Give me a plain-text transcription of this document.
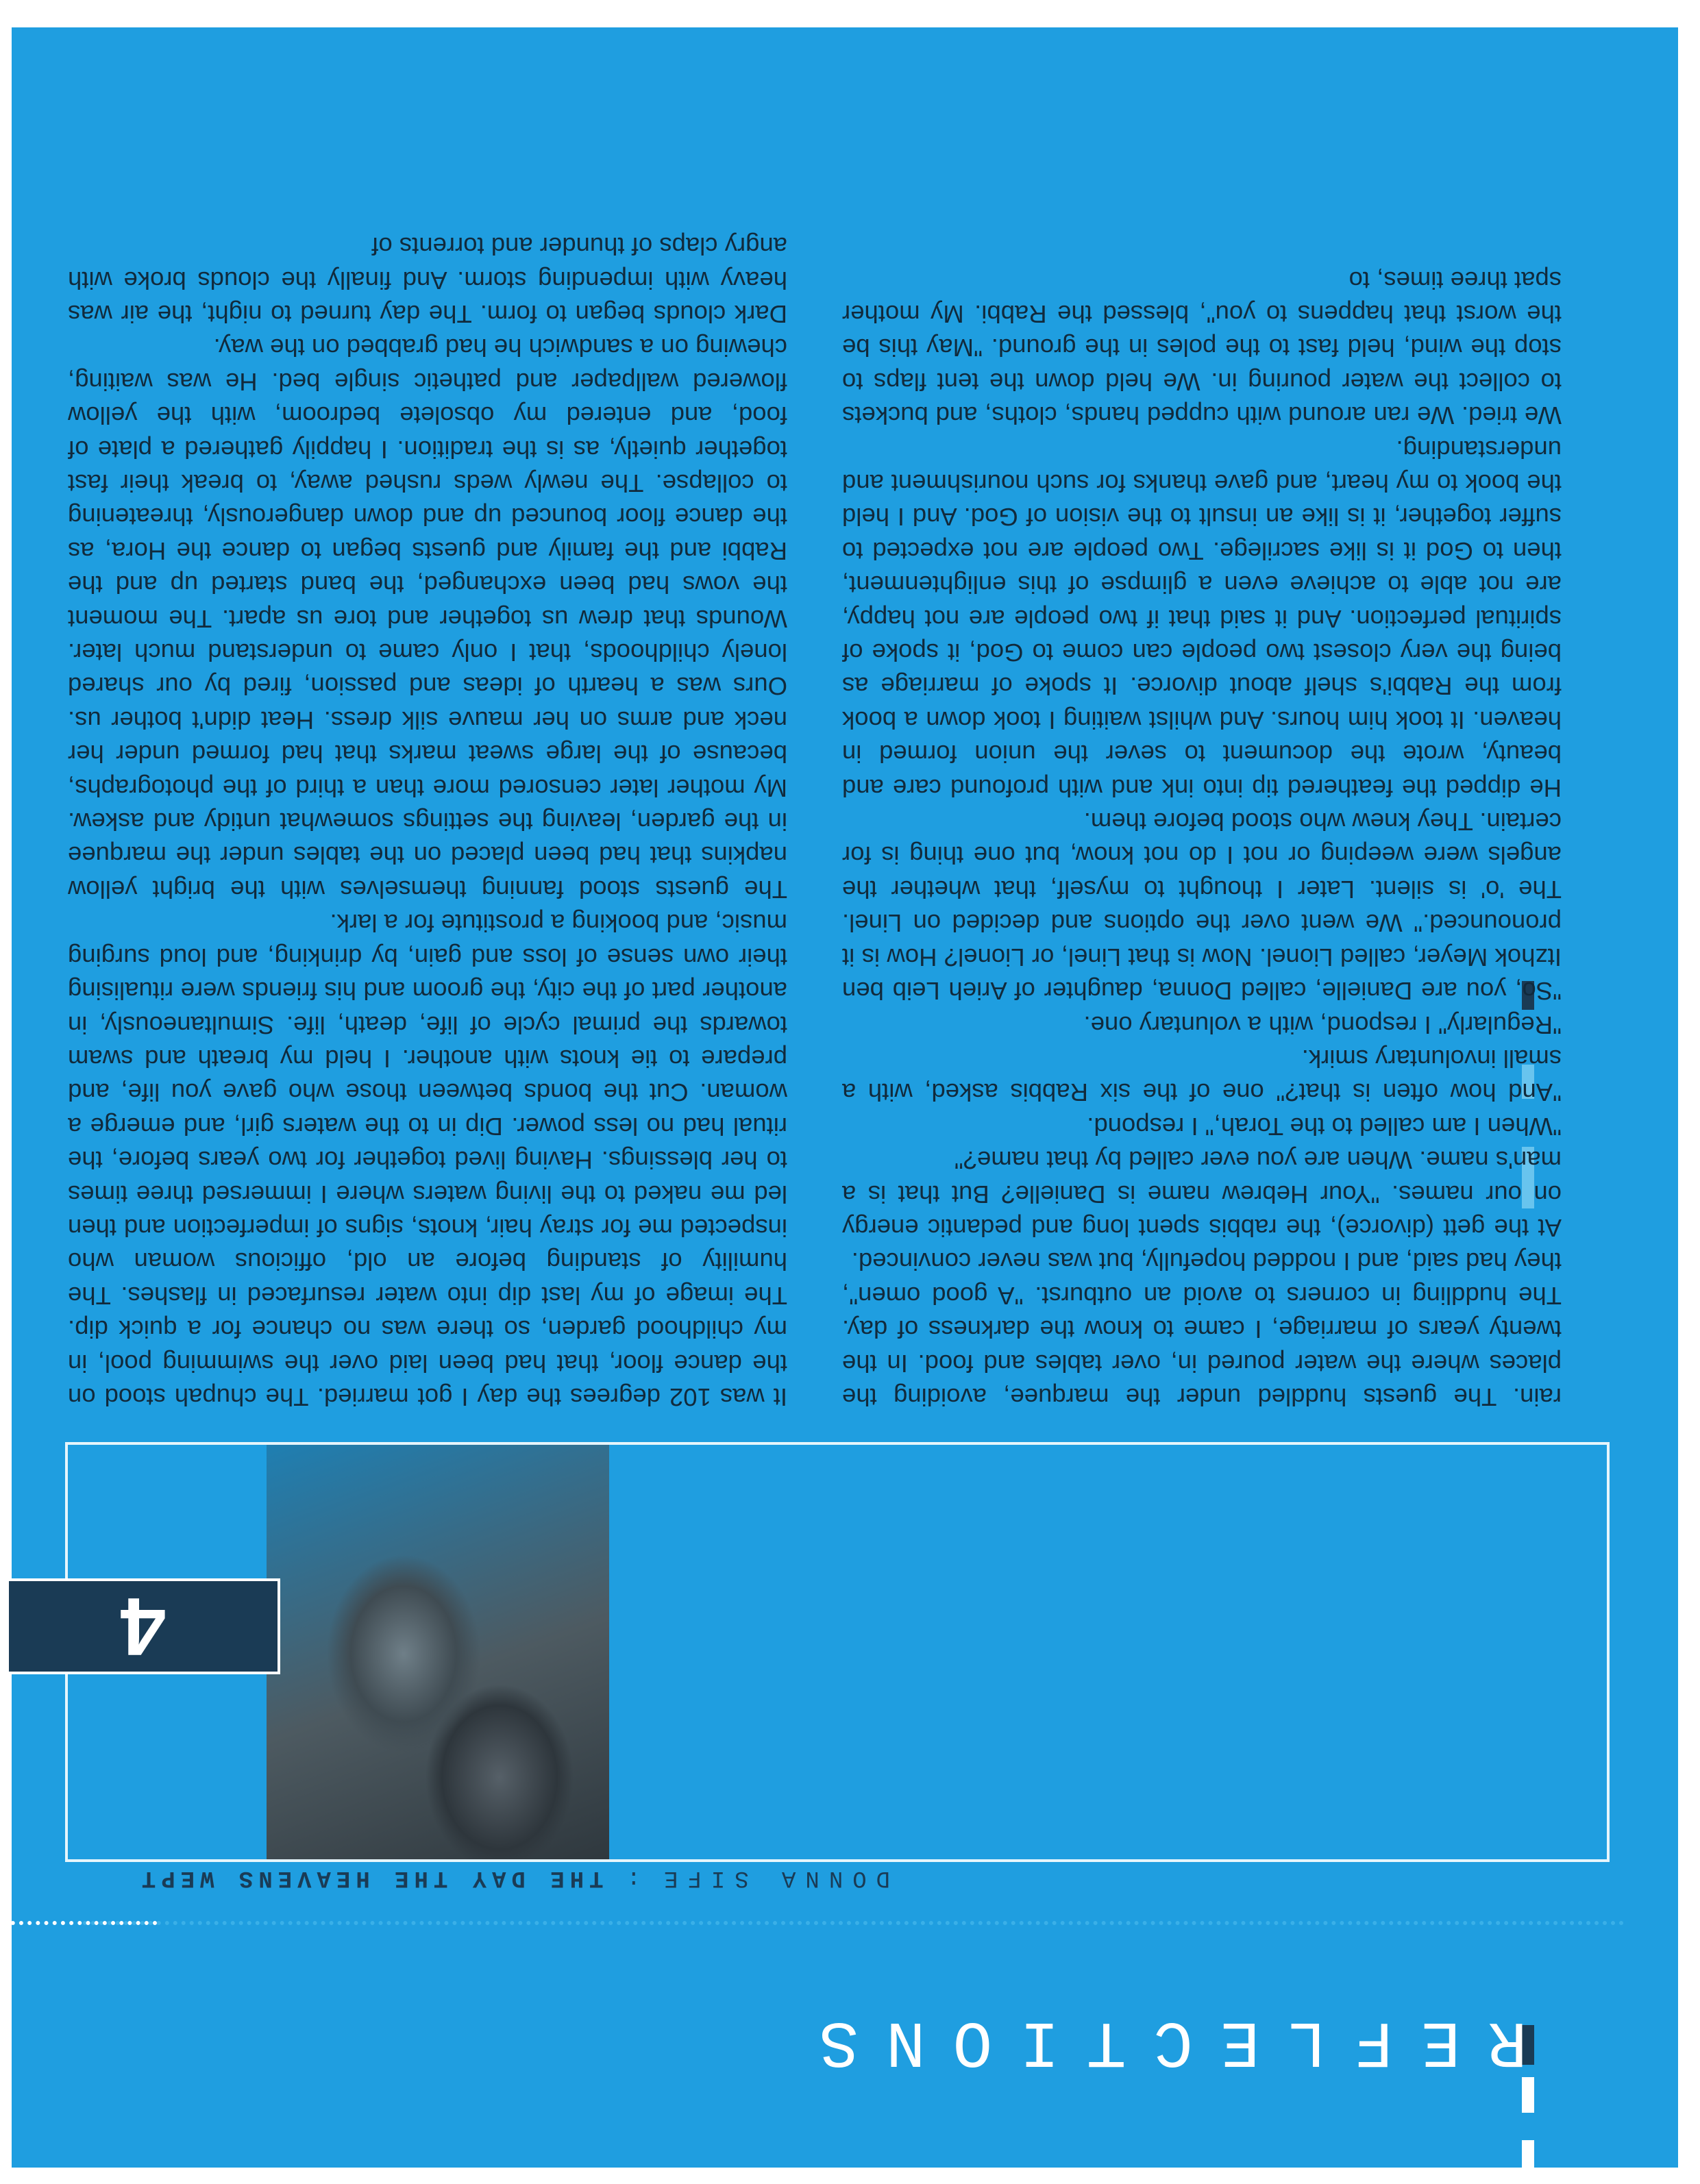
REFLECTIONS
DONNA SIFE:THE DAY THE HEAVENS WEPT
4

It was 102 degrees the day I got married. The chupah stood on the dance floor, that had been laid over the swimming pool, in my childhood garden, so there was no chance for a quick dip. The image of my last dip into water resurfaced in flashes. The humility of standing before an old, officious woman who inspected me for stray hair, knots, signs of imperfection and then led me naked to the living waters where I immersed three times to her blessings. Having lived together for two years before, the ritual had no less power. Dip in to the waters girl, and emerge a woman. Cut the bonds between those who gave you life, and prepare to tie knots with another. I held my breath and swam towards the primal cycle of life, death, life. Simultaneously, in another part of the city, the groom and his friends were ritualising their own sense of loss and gain, by drinking, and loud surging music, and booking a prostitute for a lark.

The guests stood fanning themselves with the bright yellow napkins that had been placed on the tables under the marquee in the garden, leaving the settings somewhat untidy and askew. My mother later censored more than a third of the photographs, because of the large sweat marks that had formed under her neck and arms on her mauve silk dress. Heat didn't bother us. Ours was a hearth of ideas and passion, fired by our shared lonely childhoods, that I only came to understand much later. Wounds that drew us together and tore us apart. The moment the vows had been exchanged, the band started up and the Rabbi and the family and guests began to dance the Hora, as the dance floor bounced up and down dangerously, threatening to collapse. The newly weds rushed away, to break their fast together quietly, as is the tradition. I happily gathered a plate of food, and entered my obsolete bedroom, with the yellow flowered wallpaper and pathetic single bed. He was waiting, chewing on a sandwich he had grabbed on the way.

Dark clouds began to form. The day turned to night, the air was heavy with impending storm. And finally the clouds broke with angry claps of thunder and torrents of

rain. The guests huddled under the marquee, avoiding the places where the water poured in, over tables and food. In the twenty years of marriage, I came to know the darkness of day. The huddling in corners to avoid an outburst. "A good omen", they had said, and I nodded hopefully, but was never convinced.

At the gett (divorce), the rabbis spent long and pedantic energy on our names. "Your Hebrew name is Danielle? But that is a man's name. When are you ever called by that name?"

"When I am called to the Torah," I respond.

"And how often is that?" one of the six Rabbis asked, with a small involuntary smirk.

"Regularly" I respond, with a voluntary one.

"So, you are Danielle, called Donna, daughter of Arieh Leib ben Itzhok Meyer, called Lionel. Now is that Linel, or Lionel? How is it pronounced." We went over the options and decided on Linel. The 'o' is silent. Later I thought to myself, that whether the angels were weeping or not I do not know, but one thing is for certain. They knew who stood before them.

He dipped the feathered tip into ink and with profound care and beauty, wrote the document to sever the union formed in heaven. It took him hours. And whilst waiting I took down a book from the Rabbi's shelf about divorce. It spoke of marriage as being the very closest two people can come to God, it spoke of spiritual perfection. And it said that if two people are not happy, are not able to achieve even a glimpse of this enlightenment, then to God it is like sacrilege. Two people are not expected to suffer together, it is like an insult to the vision of God. And I held the book to my heart, and gave thanks for such nourishment and understanding.

We tried. We ran around with cupped hands, cloths, and buckets to collect the water pouring in. We held down the tent flaps to stop the wind, held fast to the poles in the ground. "May this be the worst that happens to you", blessed the Rabbi. My mother spat three times, to
